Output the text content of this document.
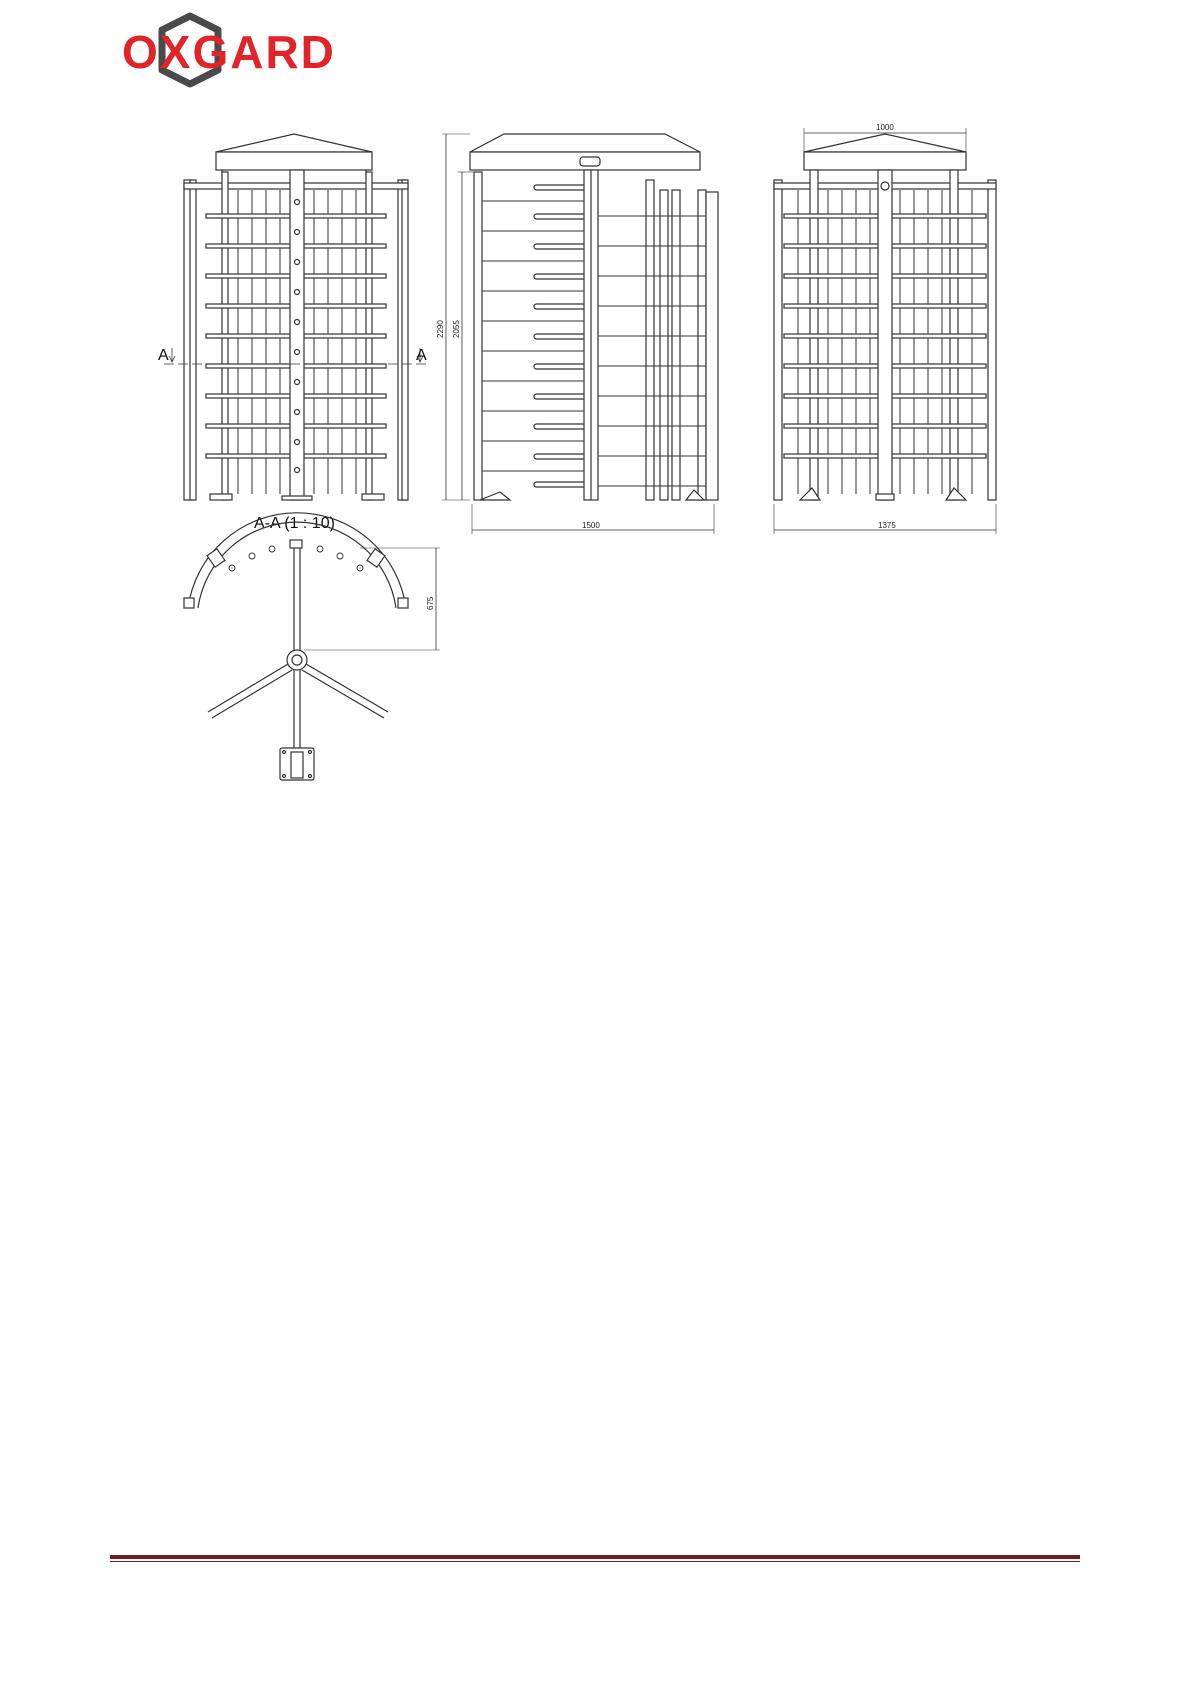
OXGARD
A	A
2290 2055
1500
1000
1375
A-A (1 : 10)
675
